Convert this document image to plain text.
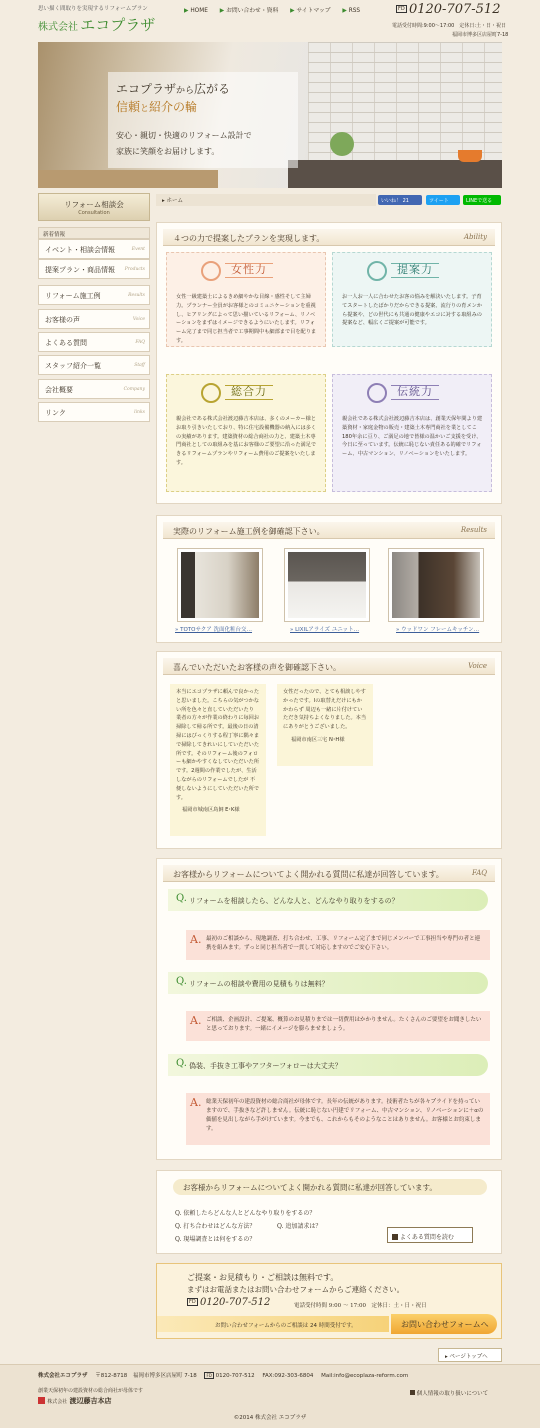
思い描く間取りを実現するリフォームプラン
株式会社 エコプラザ
▶ HOME ▶ お問い合わせ・資料 ▶ サイトマップ ▶ RSS	FD 0120-707-512
電話受付時間:9:00～17:00　定休日:土・日・祝日
福岡市博多区店屋町7-18
エコプラザから広がる
信頼と紹介の輪
安心・親切・快適のリフォーム設計で
家族に笑顔をお届けします。
リフォーム相談会
Consultation
新着情報
イベント・相談会情報	Event
提案プラン・商品情報 Products
リフォーム施工例	Results
お客様の声	Voice
よくある質問	FAQ
スタッフ紹介一覧	Staff
会社概要	Company
リンク	links
▸ ホーム	いいね！ 21	ツイート	LINEで送る
４つの力で提案したプランを実現します。	Ability
女性力
女性一級建築士によるきめ細やかな目線・感性そして主婦力。プランナー全員がお客様とのコミュニケーションを重視し、ヒアリングによって思い描いているリフォーム、リノベーションをまずはイメージできるようにいたします。リフォーム完了まで同じ担当者で工事期間中も細部まで目を配ります。
提案力
お一人お一人に合わせたお客の悩みを解決いたします。子育てスタートしたばかりだからできる提案、流行りの育メンから提案や、どの世代にも共通の健康やエコに対する取組みの提案など、幅広くご提案が可能です。
総合力
親会社である株式会社渡辺藤吉本店は、多くのメーカー様とお取り引きいたしており、特に住宅設備機器の納入には多くの実績があります。建築資材の総合商社の力と、建築土木専門商社としての取組みを基にお客様のご要望に沿った満足できるリフォームプランやリフォーム費用のご提案をいたします。
伝統力
親会社である株式会社渡辺藤吉本店は、創業天保年間より建築資材・家庭金物の販売・建築土木専門商社を業としてこ180年余に亘り、ご満足の地で皆様の温かいご支援を受け、今日に至っています。伝統に恥じない責任ある的確でリフォーム、中古マンション、リノベーションをいたします。
実際のリフォーム施工例を御確認下さい。	Results
» TOTOサクア 洗面化粧台交…	» LIXILアライズ ユニット…	» ウッドワン フレームキッチン…
喜んでいただいたお客様の声を御確認下さい。	Voice
本当にエコプラザに頼んで良かったと思いました。こちらの気がつかない所を色々と直していただいたり 業者の方々が作業の終わりに毎回お掃除して帰る所です。最後の日の清掃にはびっくりする程丁寧に隅々まで掃除してきれいにしていただいた所です。そのリフォーム後のフォローも細かやすくなしていただいた所です。2週間の作業でしたが、生活しながらのリフォームでしたが 不便しないようにしていただいた所です。
福岡市城南区鳥飼 E･K様
女性だったので、とても相談しやすかったです。Iの取替えだけにもかかわらず 周辺も一緒に片付けていただき気持ちよくなりました。本当にありがとうございました。
福岡市南区三宅 N･H様
お客様からリフォームについてよく開かれる質問に私達が回答しています。	FAQ
Q. リフォームを相談したら、どんな人と、どんなやり取りをするの？
A. 最初のご相談から、現地調査、打ち合わせ、工事、リフォーム完了まで同じメンバーで工事担当や専門の者と連携を組みます。ずっと同じ担当者で一貫して対応しますのでご安心下さい。
Q. リフォームの相談や費用の見積もりは無料？
A. ご相談、企画設計、ご提案、概算のお見積りまでは一切費用はかかりません。たくさんのご要望をお聞きしたいと思っております。一緒にイメージを膨らませましょう。
Q. 偽装、手抜き工事やアフターフォローは大丈夫？
A. 総業天保初年の建設資材の総合商社が母体です。長年の伝統があります。技術者たちが各々プライドを持っていますので、手抜きなど許しません。伝統に恥じない円建でリフォーム、中古マンション、リノベーションに＋αの価値を見出しながら手がけています。今までも、これからもそのようなことはありません。お客様とお約束します。
お客様からリフォームについてよく開かれる質問に私達が回答しています。
Q. 依頼したらどんな人とどんなやり取りをするの？
Q. 打ち合わせはどんな方法？	Q. 追加請求は？
Q. 現場調査とは何をするの？	よくある質問を読む
ご提案・お見積もり・ご相談は無料です。
まずはお電話またはお問い合わせフォームからご連絡ください。
FD 0120-707-512	電話受付時間 9:00 ～ 17:00　定休日：土・日・祝日
お問い合わせフォームからのご相談は 24 時間受付です。	お問い合わせフォームへ
▸ ページトップへ
株式会社エコプラザ 〒812-8718 福岡市博多区店屋町 7-18 FD 0120-707-512 FAX:092-303-6804 Mail:info@ecoplaza-reform.com
創業天保初年の建設資材の総合商社が母体です
株式会社 渡辺藤吉本店
個人情報の取り扱いについて
©2014 株式会社 エコプラザ
